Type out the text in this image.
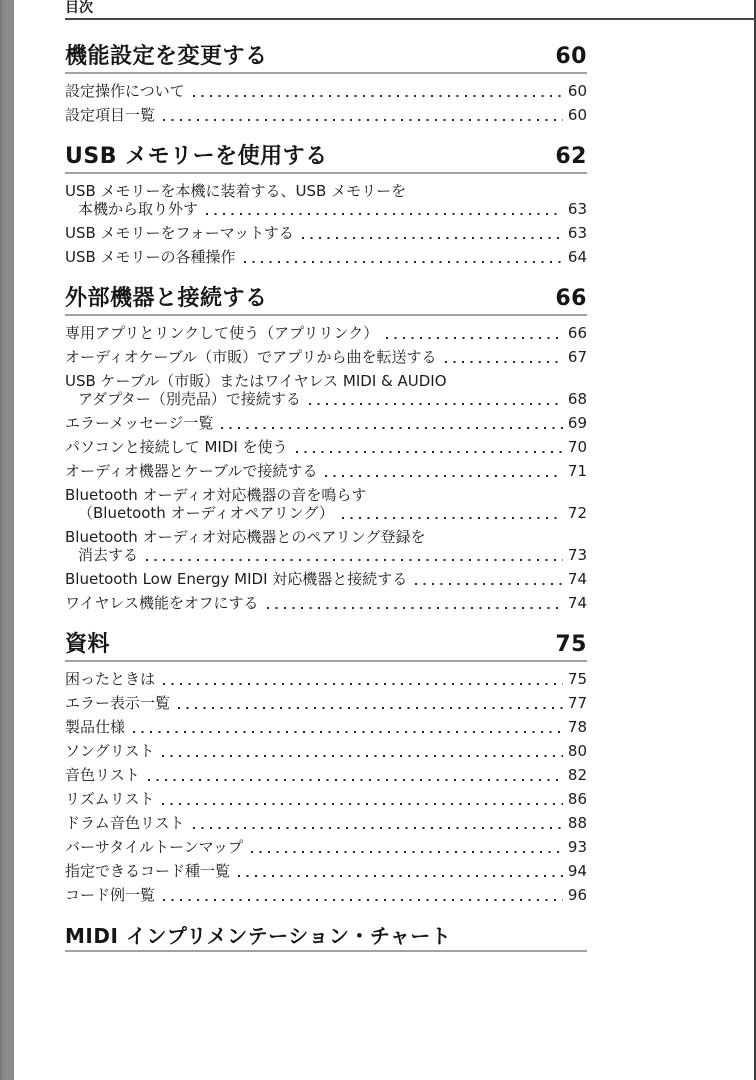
目次
機能設定を変更する	60
設定操作について	60
設定項目一覧	60
USB メモリーを使用する	62
USB メモリーを本機に装着する、USB メモリーを
本機から取り外す	63
USB メモリーをフォーマットする	63
USB メモリーの各種操作	64
外部機器と接続する	66
専用アプリとリンクして使う（アプリリンク）	66
オーディオケーブル（市販）でアプリから曲を転送する	67
USB ケーブル（市販）またはワイヤレス MIDI & AUDIO
アダプター（別売品）で接続する	68
エラーメッセージ一覧	69
パソコンと接続して MIDI を使う	70
オーディオ機器とケーブルで接続する	71
Bluetooth オーディオ対応機器の音を鳴らす
（Bluetooth オーディオペアリング）	72
Bluetooth オーディオ対応機器とのペアリング登録を
消去する	73
Bluetooth Low Energy MIDI 対応機器と接続する	74
ワイヤレス機能をオフにする	74
資料	75
困ったときは	75
エラー表示一覧	77
製品仕様	78
ソングリスト	80
音色リスト	82
リズムリスト	86
ドラム音色リスト	88
バーサタイルトーンマップ	93
指定できるコード種一覧	94
コード例一覧	96
MIDI インプリメンテーション・チャート
